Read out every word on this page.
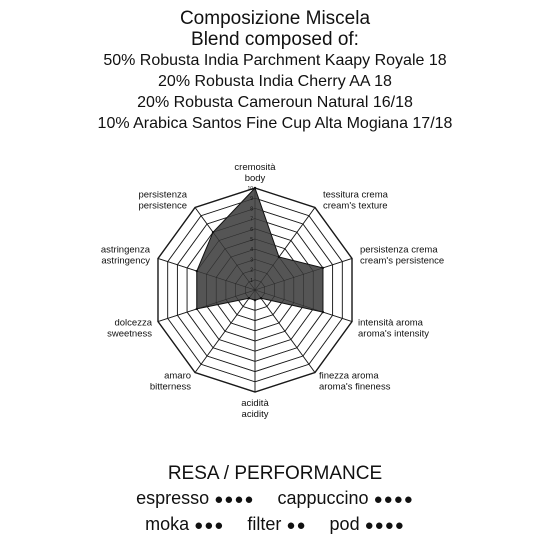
Composizione Miscela
Blend composed of:
50% Robusta India Parchment Kaapy Royale 18
20% Robusta India Cherry AA 18
20% Robusta Cameroun Natural 16/18
10% Arabica Santos Fine Cup Alta Mogiana 17/18
1
2
3
4
5
6
7
8
9
10
cremosità
body
tessitura crema
cream's texture
persistenza crema
cream's persistence
intensità aroma
aroma's intensity
finezza aroma
aroma's fineness
acidità
acidity
amaro
bitterness
dolcezza
sweetness
astringenza
astringency
persistenza
persistence
RESA / PERFORMANCE
espresso ●●●● cappuccino ●●●●
moka ●●● filter ●● pod ●●●●
